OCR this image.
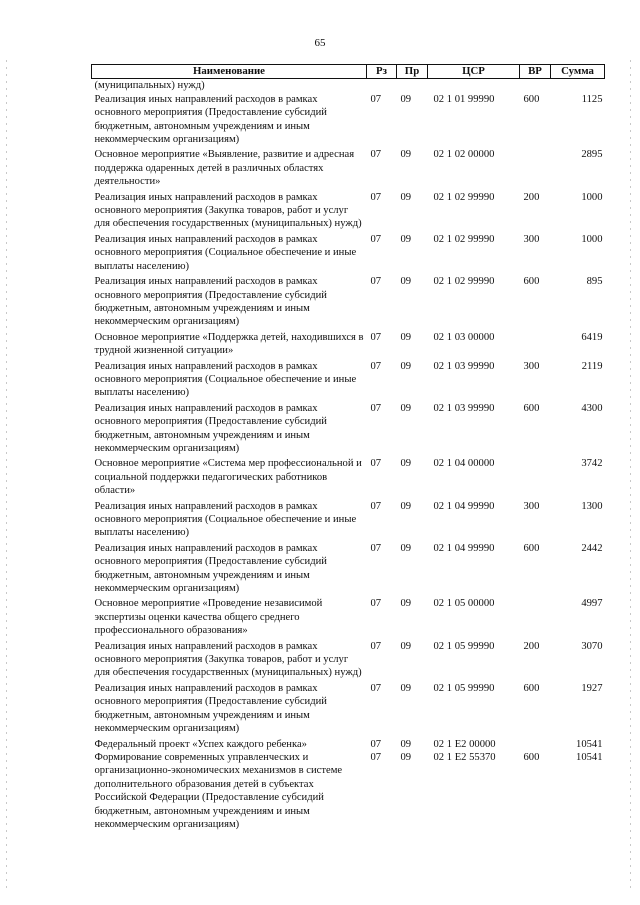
65
Наименование	Рз	Пр	ЦСР	ВР	Сумма
(муниципальных) нужд)					
Реализация иных направлений расходов в рамках основного мероприятия (Предоставление субсидий бюджетным, автономным учреждениям и иным некоммерческим организациям)	07	09	02 1 01 99990	600	1125
Основное мероприятие «Выявление, развитие и адресная поддержка одаренных детей в различных областях деятельности»	07	09	02 1 02 00000		2895
Реализация иных направлений расходов в рамках основного мероприятия (Закупка товаров, работ и услуг для обеспечения государственных (муниципальных) нужд)	07	09	02 1 02 99990	200	1000
Реализация иных направлений расходов в рамках основного мероприятия (Социальное обеспечение и иные выплаты населению)	07	09	02 1 02 99990	300	1000
Реализация иных направлений расходов в рамках основного мероприятия (Предоставление субсидий бюджетным, автономным учреждениям и иным некоммерческим организациям)	07	09	02 1 02 99990	600	895
Основное мероприятие «Поддержка детей, находившихся в трудной жизненной ситуации»	07	09	02 1 03 00000		6419
Реализация иных направлений расходов в рамках основного мероприятия (Социальное обеспечение и иные выплаты населению)	07	09	02 1 03 99990	300	2119
Реализация иных направлений расходов в рамках основного мероприятия (Предоставление субсидий бюджетным, автономным учреждениям и иным некоммерческим организациям)	07	09	02 1 03 99990	600	4300
Основное мероприятие «Система мер профессиональной и социальной поддержки педагогических работников области»	07	09	02 1 04 00000		3742
Реализация иных направлений расходов в рамках основного мероприятия (Социальное обеспечение и иные выплаты населению)	07	09	02 1 04 99990	300	1300
Реализация иных направлений расходов в рамках основного мероприятия (Предоставление субсидий бюджетным, автономным учреждениям и иным некоммерческим организациям)	07	09	02 1 04 99990	600	2442
Основное мероприятие «Проведение независимой экспертизы оценки качества общего среднего профессионального образования»	07	09	02 1 05 00000		4997
Реализация иных направлений расходов в рамках основного мероприятия (Закупка товаров, работ и услуг для обеспечения государственных (муниципальных) нужд)	07	09	02 1 05 99990	200	3070
Реализация иных направлений расходов в рамках основного мероприятия (Предоставление субсидий бюджетным, автономным учреждениям и иным некоммерческим организациям)	07	09	02 1 05 99990	600	1927
Федеральный проект «Успех каждого ребенка»	07	09	02 1 E2 00000		10541
Формирование современных управленческих и организационно-экономических механизмов в системе дополнительного образования детей в субъектах Российской Федерации (Предоставление субсидий бюджетным, автономным учреждениям и иным некоммерческим организациям)	07	09	02 1 E2 55370	600	10541
